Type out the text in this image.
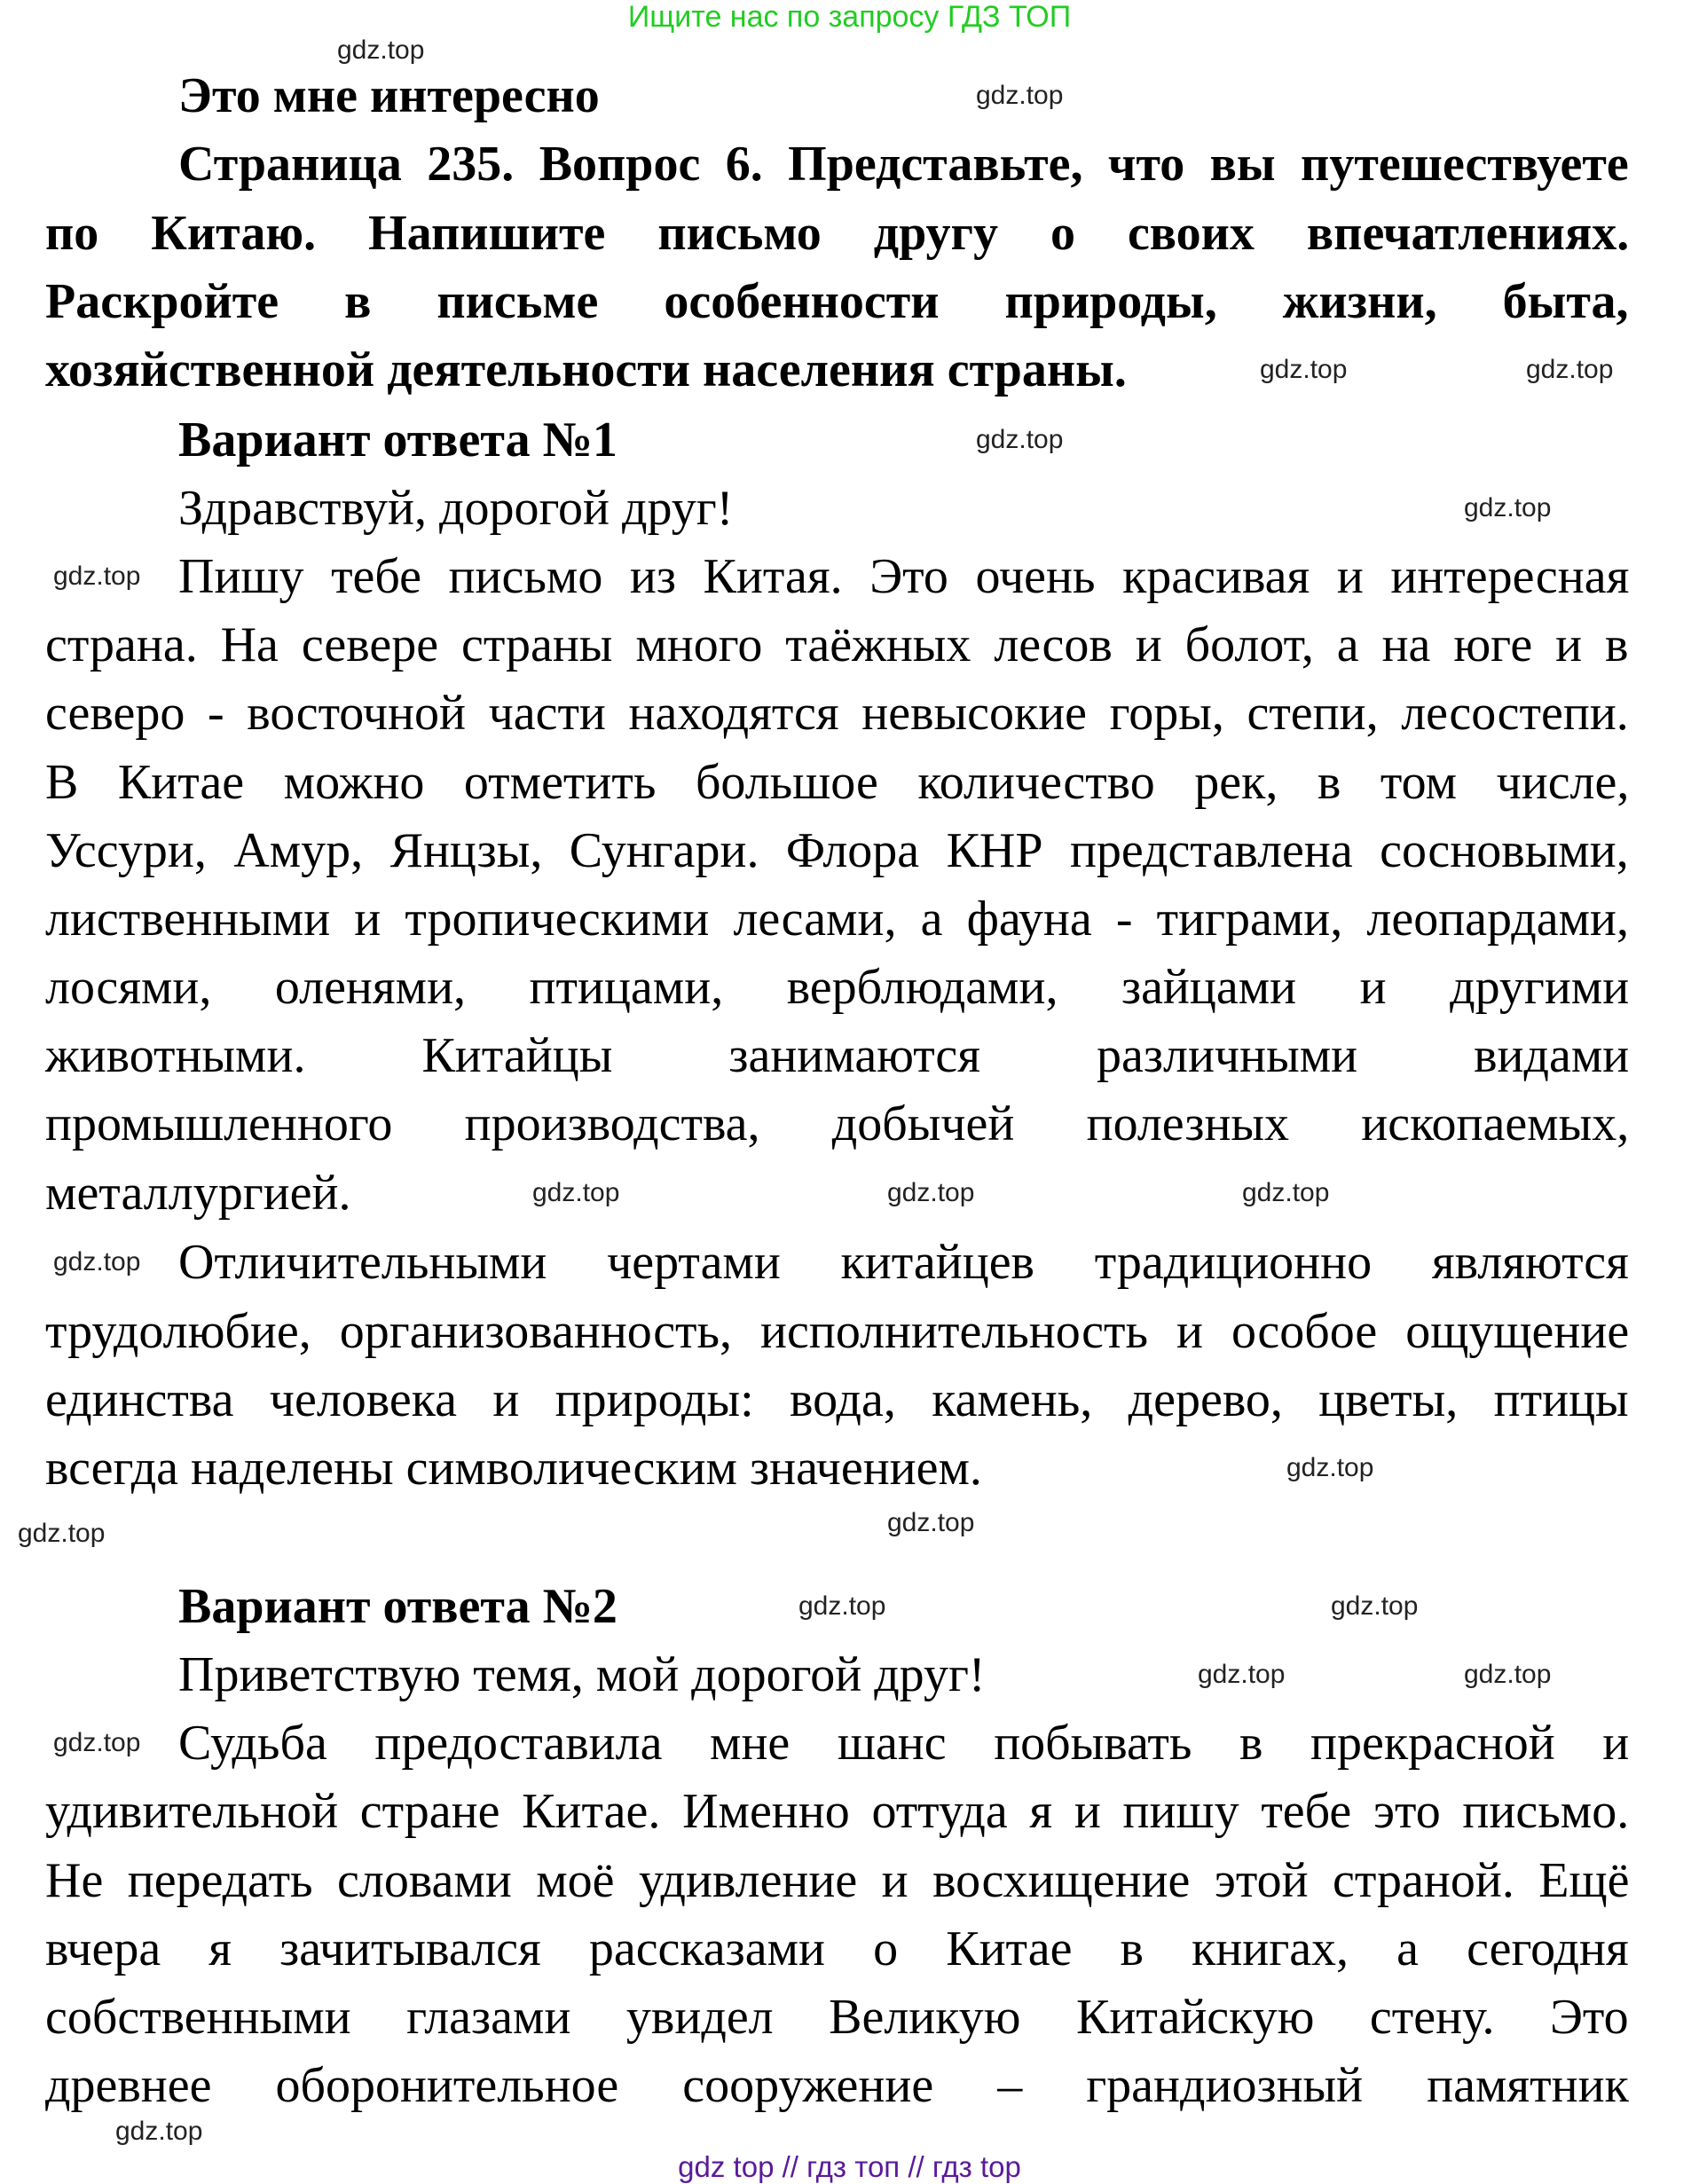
Ищите нас по запросу ГДЗ ТОП
Это мне интересно
Страница 235. Вопрос 6. Представьте, что вы путешествуете
по Китаю. Напишите письмо другу о своих впечатлениях.
Раскройте в письме особенности природы, жизни, быта,
хозяйственной деятельности населения страны.
Вариант ответа №1
Здравствуй, дорогой друг!
Пишу тебе письмо из Китая. Это очень красивая и интересная
страна. На севере страны много таёжных лесов и болот, а на юге и в
северо - восточной части находятся невысокие горы, степи, лесостепи.
В Китае можно отметить большое количество рек, в том числе,
Уссури, Амур, Янцзы, Сунгари. Флора КНР представлена сосновыми,
лиственными и тропическими лесами, а фауна - тиграми, леопардами,
лосями, оленями, птицами, верблюдами, зайцами и другими
животными. Китайцы занимаются различными видами
промышленного производства, добычей полезных ископаемых,
металлургией.
Отличительными чертами китайцев традиционно являются
трудолюбие, организованность, исполнительность и особое ощущение
единства человека и природы: вода, камень, дерево, цветы, птицы
всегда наделены символическим значением.
Вариант ответа №2
Приветствую темя, мой дорогой друг!
Судьба предоставила мне шанс побывать в прекрасной и
удивительной стране Китае. Именно оттуда я и пишу тебе это письмо.
Не передать словами моё удивление и восхищение этой страной. Ещё
вчера я зачитывался рассказами о Китае в книгах, а сегодня
собственными глазами увидел Великую Китайскую стену. Это
древнее оборонительное сооружение – грандиозный памятник
gdz.top
gdz.top
gdz.top	gdz.top
gdz.top
gdz.top
gdz.top
gdz.top	gdz.top
gdz.top
gdz.top
gdz.top
gdz.top
gdz.top
gdz.top
gdz.top
gdz.top
gdz.top
gdz.top
gdz.top
gdz top // гдз топ // гдз top
